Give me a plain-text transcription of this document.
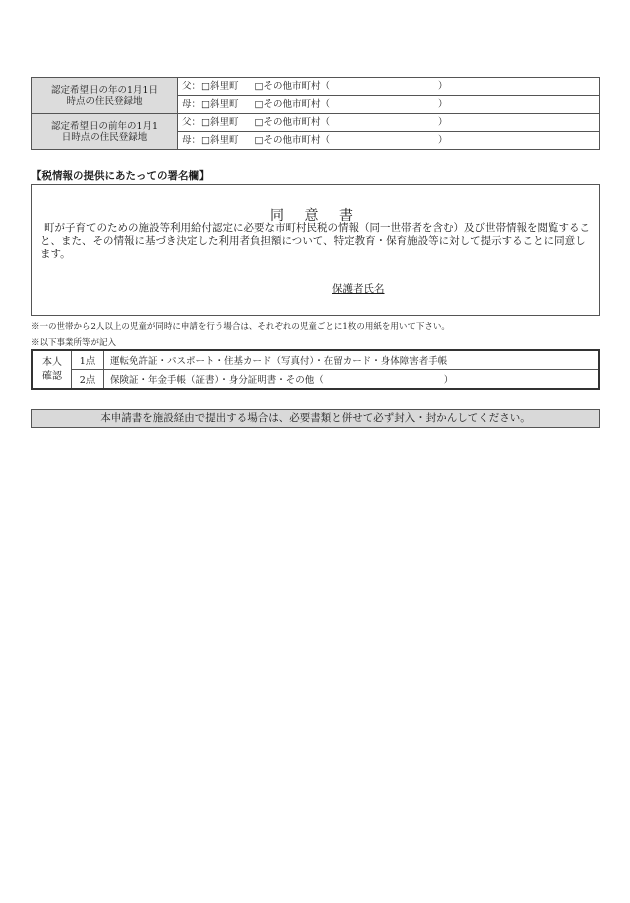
認定希望日の年の1月1日
時点の住民登録地	父：□斜里町 □その他市町村（ ）
	母：□斜里町 □その他市町村（ ）
認定希望日の前年の1月1
日時点の住民登録地	父：□斜里町 □その他市町村（ ）
	母：□斜里町 □その他市町村（ ）
【税情報の提供にあたっての署名欄】
同 意 書
町が子育てのための施設等利用給付認定に必要な市町村民税の情報（同一世帯者を含む）及び世帯情報を閲覧すること、また、その情報に基づき決定した利用者負担額について、特定教育・保育施設等に対して提示することに同意します。
保護者氏名
※一の世帯から2人以上の児童が同時に申請を行う場合は、それぞれの児童ごとに1枚の用紙を用いて下さい。
※以下事業所等が記入
本人
確認	1点	運転免許証・パスポート・住基カード（写真付）・在留カード・身体障害者手帳
	2点	保険証・年金手帳（証書）・身分証明書・その他（ ）
本申請書を施設経由で提出する場合は、必要書類と併せて必ず封入・封かんしてください。
